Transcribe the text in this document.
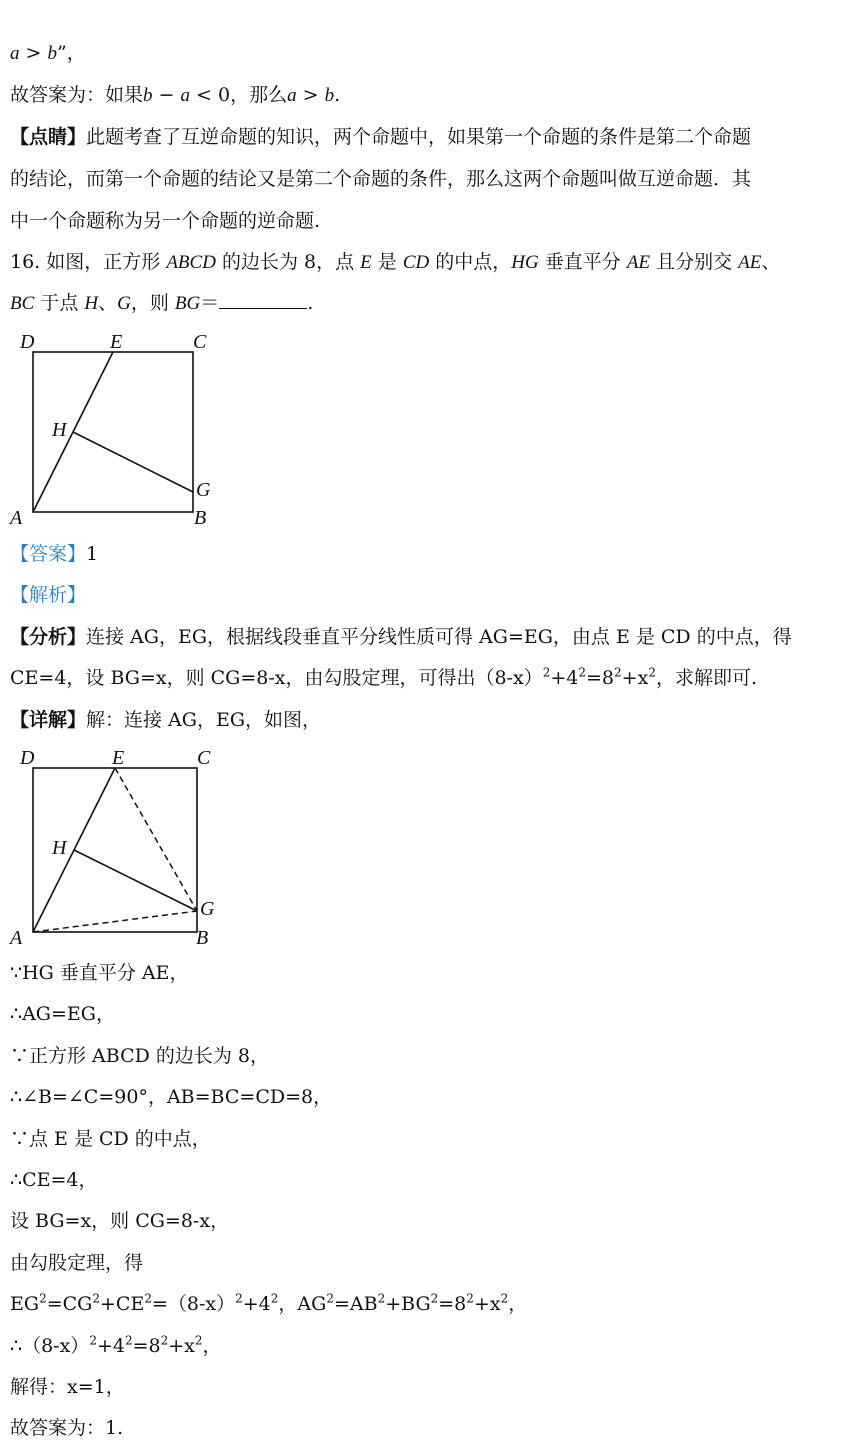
a > b”，
故答案为：如果b − a < 0，那么a > b.
【点睛】此题考查了互逆命题的知识，两个命题中，如果第一个命题的条件是第二个命题
的结论，而第一个命题的结论又是第二个命题的条件，那么这两个命题叫做互逆命题．其
中一个命题称为另一个命题的逆命题.
16. 如图，正方形 ABCD 的边长为 8，点 E 是 CD 的中点，HG 垂直平分 AE 且分别交 AE、
BC 于点 H、G，则 BG＝	.
D	E	C
H
G
A	B
【答案】1
【解析】
【分析】连接 AG，EG，根据线段垂直平分线性质可得 AG=EG，由点 E 是 CD 的中点，得
CE=4，设 BG=x，则 CG=8-x，由勾股定理，可得出$(8-x)^2+4^2=8^2+x^2$，求解即可.
【详解】解：连接 AG，EG，如图，
D	E	C
H
G
A	B
∵HG 垂直平分 AE，
∴AG=EG，
∵正方形 ABCD 的边长为 8，
∴∠B=∠C=90°，AB=BC=CD=8，
∵点 E 是 CD 的中点，
∴CE=4，
设 BG=x，则 CG=8-x，
由勾股定理，得
$EG^2=CG^2+CE^2=(8-x)^2+4^2$，$AG^2=AB^2+BG^2=8^2+x^2$，
$\therefore(8-x)^2+4^2=8^2+x^2$，
解得：x=1，
故答案为：1.
